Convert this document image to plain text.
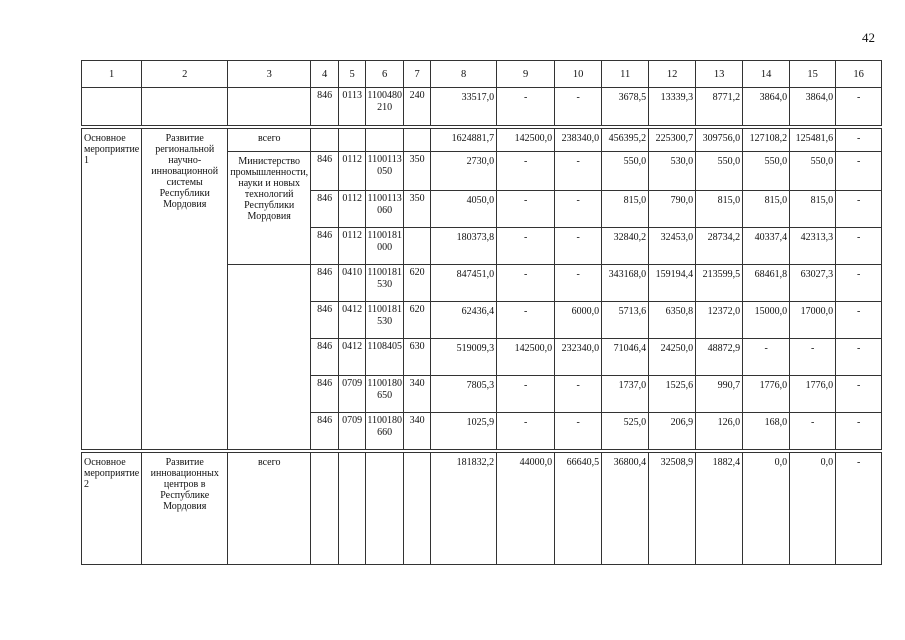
42
1	2	3	4	5	6	7	8	9	10	11	12	13	14	15	16
			846	0113	1100480210	240	33517,0	-	-	3678,5	13339,3	8771,2	3864,0	3864,0	-

Основное мероприятие 1	Развитие региональной научно-инновационной системы Республики Мордовия	всего					1624881,7	142500,0	238340,0	456395,2	225300,7	309756,0	127108,2	125481,6	-
		Министерство промышленности, науки и новых технологий Республики Мордовия	846	0112	1100113050	350	2730,0	-	-	550,0	530,0	550,0	550,0	550,0	-
			846	0112	1100113060	350	4050,0	-	-	815,0	790,0	815,0	815,0	815,0	-
			846	0112	1100181000		180373,8	-	-	32840,2	32453,0	28734,2	40337,4	42313,3	-
			846	0410	1100181530	620	847451,0	-	-	343168,0	159194,4	213599,5	68461,8	63027,3	-
			846	0412	1100181530	620	62436,4	-	6000,0	5713,6	6350,8	12372,0	15000,0	17000,0	-
			846	0412	1108405	630	519009,3	142500,0	232340,0	71046,4	24250,0	48872,9	-	-	-
			846	0709	1100180650	340	7805,3	-	-	1737,0	1525,6	990,7	1776,0	1776,0	-
			846	0709	1100180660	340	1025,9	-	-	525,0	206,9	126,0	168,0	-	-

Основное мероприятие 2	Развитие инновационных центров в Республике Мордовия	всего					181832,2	44000,0	66640,5	36800,4	32508,9	1882,4	0,0	0,0	-
